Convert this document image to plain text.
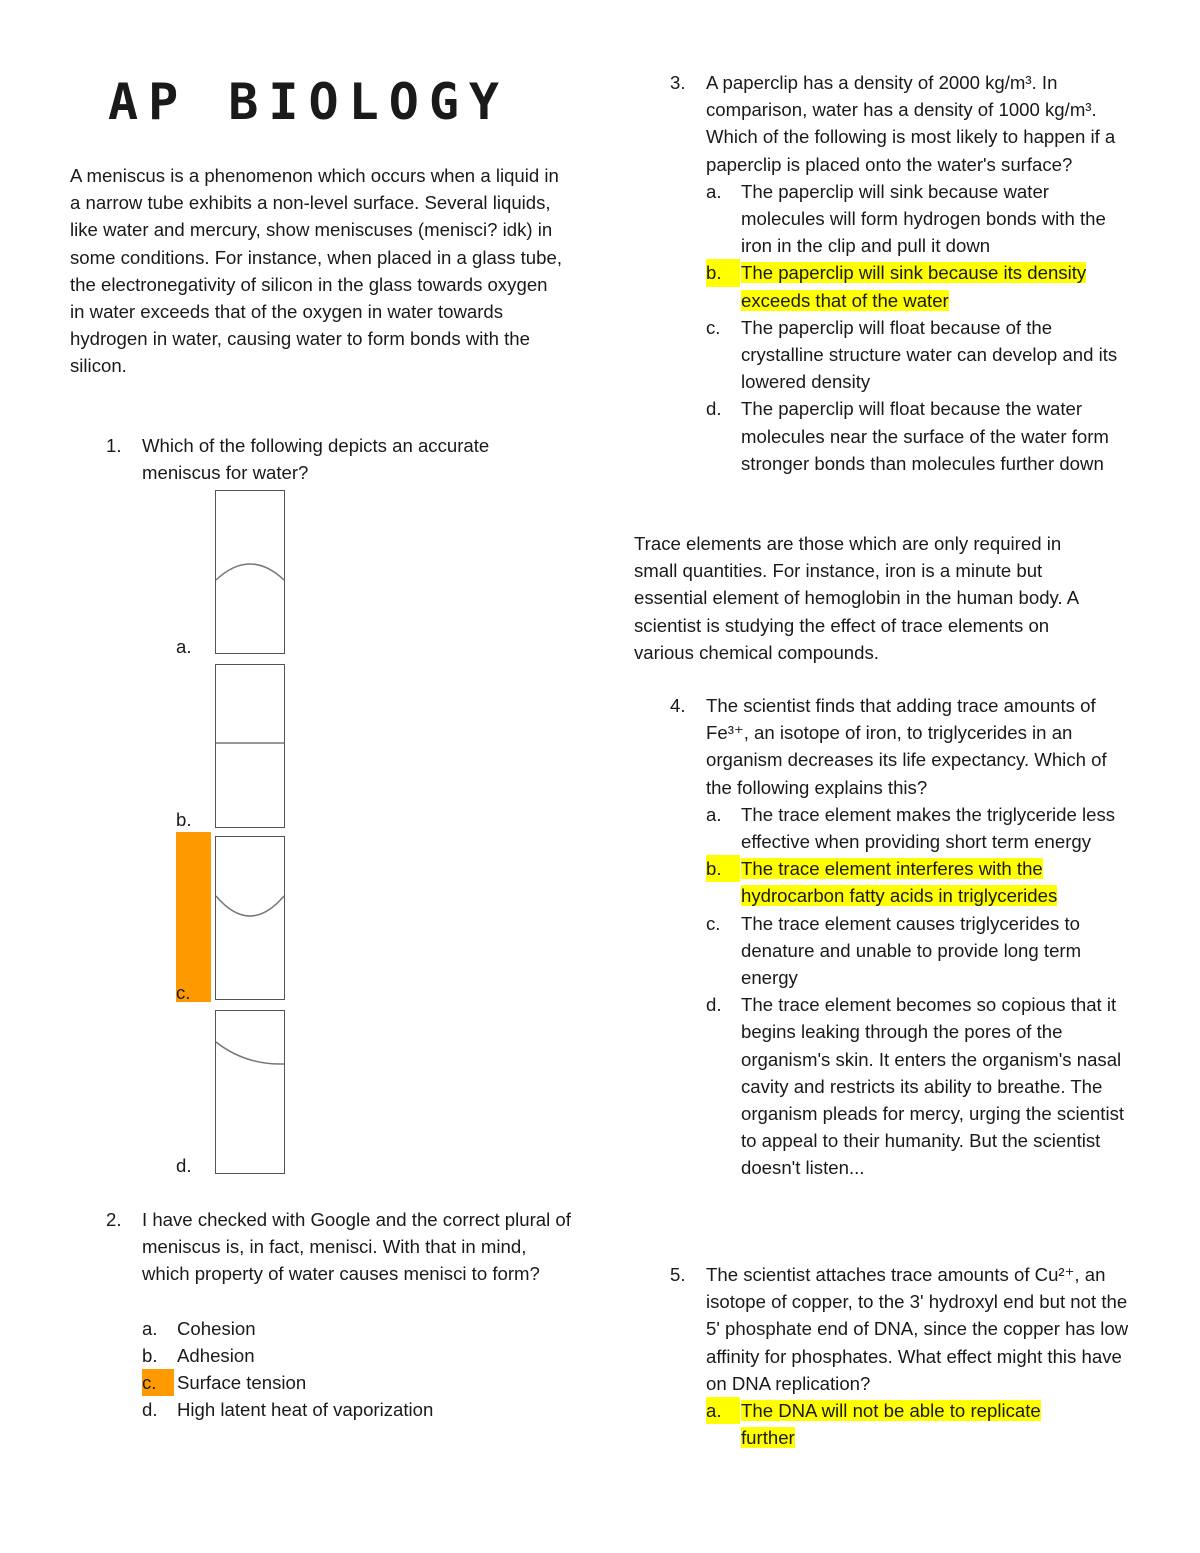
AP BIOLOGY
A meniscus is a phenomenon which occurs when a liquid in a narrow tube exhibits a non-level surface. Several liquids, like water and mercury, show meniscuses (menisci? idk) in some conditions. For instance, when placed in a glass tube, the electronegativity of silicon in the glass towards oxygen in water exceeds that of the oxygen in water towards hydrogen in water, causing water to form bonds with the silicon.
1. Which of the following depicts an accurate meniscus for water?
a.
b.
c.
d.
2. I have checked with Google and the correct plural of meniscus is, in fact, menisci. With that in mind, which property of water causes menisci to form?
a. Cohesion
b. Adhesion
c.	Surface tension
d. High latent heat of vaporization
3. A paperclip has a density of 2000 kg/m³. In comparison, water has a density of 1000 kg/m³. Which of the following is most likely to happen if a paperclip is placed onto the water's surface?
a. The paperclip will sink because water molecules will form hydrogen bonds with the iron in the clip and pull it down
b.	The paperclip will sink because its density exceeds that of the water
c. The paperclip will float because of the crystalline structure water can develop and its lowered density
d. The paperclip will float because the water molecules near the surface of the water form stronger bonds than molecules further down
Trace elements are those which are only required in small quantities. For instance, iron is a minute but essential element of hemoglobin in the human body. A scientist is studying the effect of trace elements on various chemical compounds.
4. The scientist finds that adding trace amounts of Fe³⁺, an isotope of iron, to triglycerides in an organism decreases its life expectancy. Which of the following explains this?
a. The trace element makes the triglyceride less effective when providing short term energy
b.	The trace element interferes with the hydrocarbon fatty acids in triglycerides
c. The trace element causes triglycerides to denature and unable to provide long term energy
d. The trace element becomes so copious that it begins leaking through the pores of the organism's skin. It enters the organism's nasal cavity and restricts its ability to breathe. The organism pleads for mercy, urging the scientist to appeal to their humanity. But the scientist doesn't listen...
5. The scientist attaches trace amounts of Cu²⁺, an isotope of copper, to the 3' hydroxyl end but not the 5' phosphate end of DNA, since the copper has low affinity for phosphates. What effect might this have on DNA replication?
a.	The DNA will not be able to replicate further
